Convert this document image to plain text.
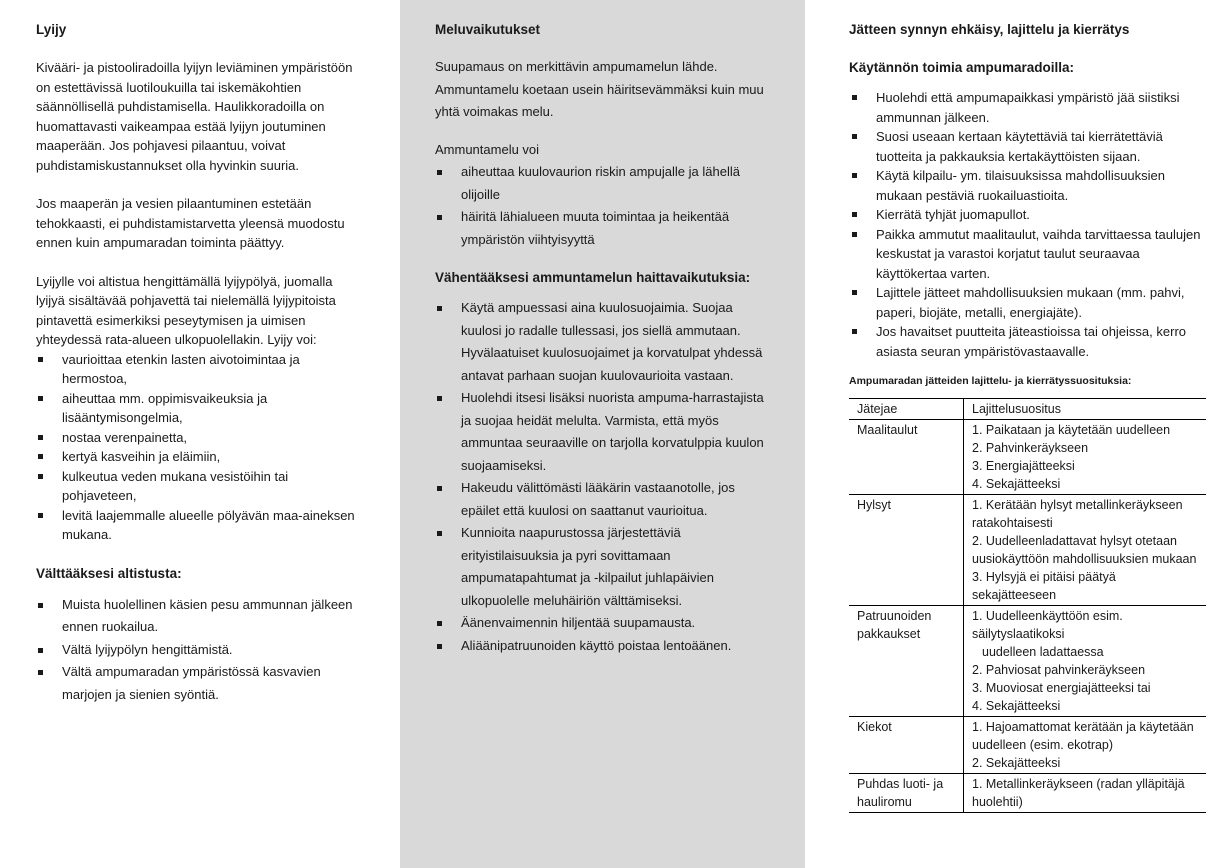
Lyijy

Kivääri- ja pistooliradoilla lyijyn leviäminen ympäristöön on estettävissä luotiloukuilla tai iskemäkohtien säännöllisellä puhdistamisella. Haulikkoradoilla on huomattavasti vaikeampaa estää lyijyn joutuminen maaperään. Jos pohjavesi pilaantuu, voivat puhdistamiskustannukset olla hyvinkin suuria.

Jos maaperän ja vesien pilaantuminen estetään tehokkaasti, ei puhdistamistarvetta yleensä muodostu ennen kuin ampumaradan toiminta päättyy.

Lyijylle voi altistua hengittämällä lyijypölyä, juomalla lyijyä sisältävää pohjavettä tai nielemällä lyijypitoista pintavettä esimerkiksi peseytymisen ja uimisen yhteydessä rata-alueen ulkopuolellakin. Lyijy voi:

vaurioittaa etenkin lasten aivotoimintaa ja hermostoa,
aiheuttaa mm. oppimisvaikeuksia ja lisääntymisongelmia,
nostaa verenpainetta,
kertyä kasveihin ja eläimiin,
kulkeutua veden mukana vesistöihin tai pohjaveteen,
levitä laajemmalle alueelle pölyävän maa-aineksen mukana.
Välttääksesi altistusta:
Muista huolellinen käsien pesu ammunnan jälkeen ennen ruokailua.
Vältä lyijypölyn hengittämistä.
Vältä ampumaradan ympäristössä kasvavien marjojen ja sienien syöntiä.
Meluvaikutukset

Suupamaus on merkittävin ampumamelun lähde. Ammuntamelu koetaan usein häiritsevämmäksi kuin muu yhtä voimakas melu.

Ammuntamelu voi

aiheuttaa kuulovaurion riskin ampujalle ja lähellä olijoille
häiritä lähialueen muuta toimintaa ja heikentää ympäristön viihtyisyyttä
Vähentääksesi ammuntamelun haittavaikutuksia:
Käytä ampuessasi aina kuulosuojaimia. Suojaa kuulosi jo radalle tullessasi, jos siellä ammutaan. Hyvälaatuiset kuulosuojaimet ja korvatulpat yhdessä antavat parhaan suojan kuulovaurioita vastaan.
Huolehdi itsesi lisäksi nuorista ampuma-harrastajista ja suojaa heidät melulta. Varmista, että myös ammuntaa seuraaville on tarjolla korvatulppia kuulon suojaamiseksi.
Hakeudu välittömästi lääkärin vastaanotolle, jos epäilet että kuulosi on saattanut vaurioitua.
Kunnioita naapurustossa järjestettäviä erityistilaisuuksia ja pyri sovittamaan ampumatapahtumat ja -kilpailut juhlapäivien ulkopuolelle meluhäiriön välttämiseksi.
Äänenvaimennin hiljentää suupamausta.
Aliäänipatruunoiden käyttö poistaa lentoäänen.
Jätteen synnyn ehkäisy, lajittelu ja kierrätys
Käytännön toimia ampumaradoilla:
Huolehdi että ampumapaikkasi ympäristö jää siistiksi ammunnan jälkeen.
Suosi useaan kertaan käytettäviä tai kierrätettäviä tuotteita ja pakkauksia kertakäyttöisten sijaan.
Käytä kilpailu- ym. tilaisuuksissa mahdollisuuksien mukaan pestäviä ruokailuastioita.
Kierrätä tyhjät juomapullot.
Paikka ammutut maalitaulut, vaihda tarvittaessa taulujen keskustat ja varastoi korjatut taulut seuraavaa käyttökertaa varten.
Lajittele jätteet mahdollisuuksien mukaan (mm. pahvi, paperi, biojäte, metalli, energiajäte).
Jos havaitset puutteita jäteastioissa tai ohjeissa, kerro asiasta seuran ympäristövastaavalle.
Ampumaradan jätteiden lajittelu- ja kierrätyssuosituksia:
Jätejae	Lajittelusuositus
Maalitaulut	1. Paikataan ja käytetään uudelleen
2. Pahvinkeräykseen
3. Energiajätteeksi
4. Sekajätteeksi

Hylsyt	1. Kerätään hylsyt metallinkeräykseen ratakohtaisesti
2. Uudelleenladattavat hylsyt otetaan uusiokäyttöön mahdollisuuksien mukaan
3. Hylsyjä ei pitäisi päätyä sekajätteeseen

Patruunoiden pakkaukset	1. Uudelleenkäyttöön esim. säilytyslaatikoksi
uudelleen ladattaessa
2. Pahviosat pahvinkeräykseen
3. Muoviosat energiajätteeksi tai
4. Sekajätteeksi

Kiekot	1. Hajoamattomat kerätään ja käytetään uudelleen (esim. ekotrap)
2. Sekajätteeksi

Puhdas luoti- ja hauliromu	1. Metallinkeräykseen (radan ylläpitäjä huolehtii)
